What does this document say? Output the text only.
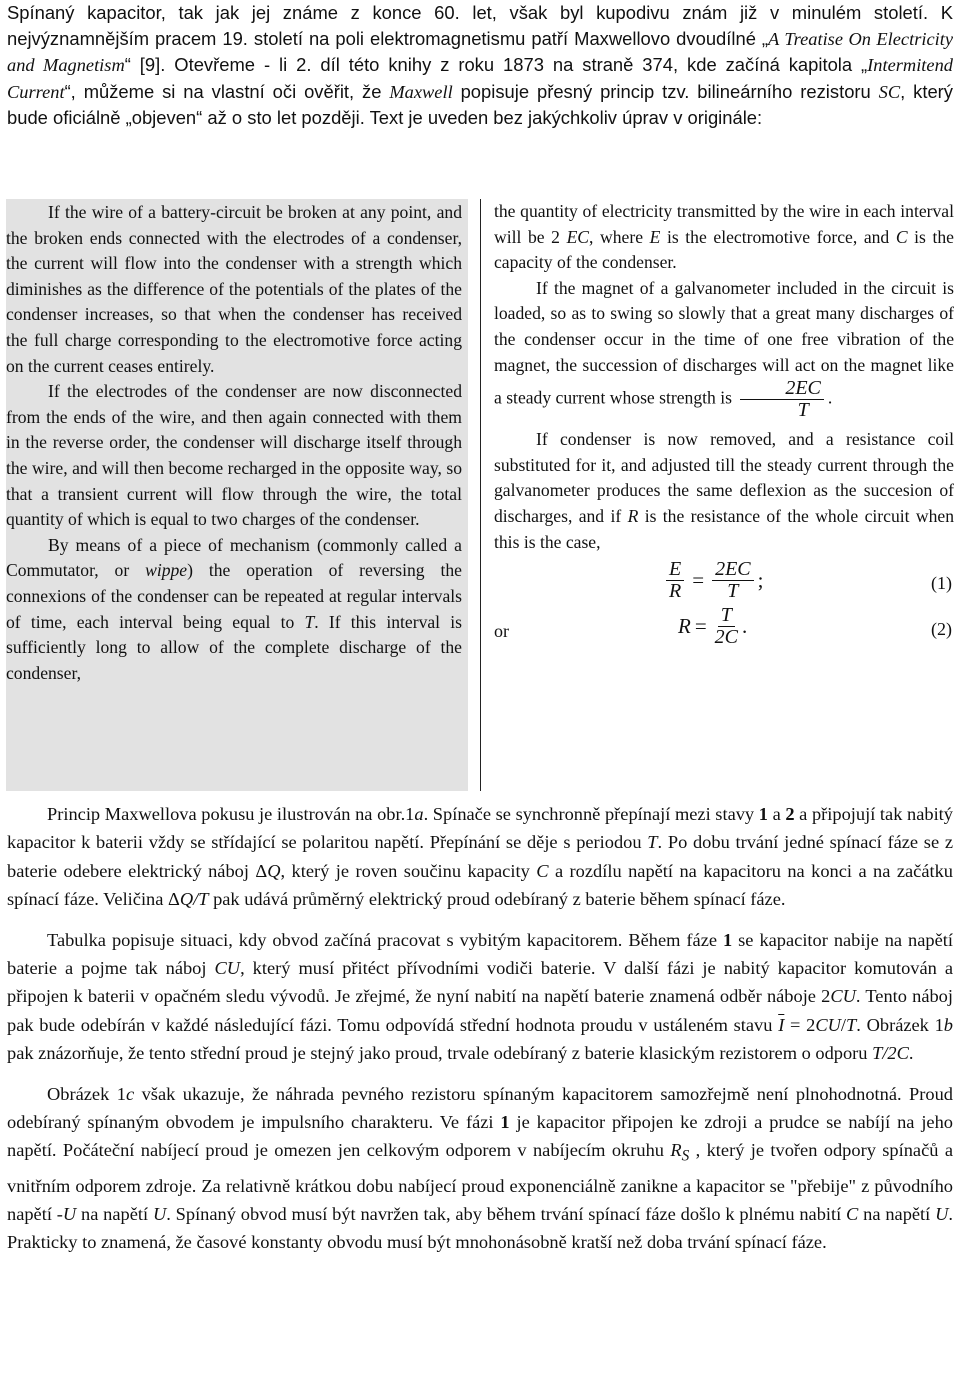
Spínaný kapacitor, tak jak jej známe z konce 60. let, však byl kupodivu znám již v minulém století. K nejvýznamnějším pracem 19. století na poli elektromagnetismu patří Maxwellovo dvoudílné „A Treatise On Electricity and Magnetism“ [9]. Otevřeme - li 2. díl této knihy z roku 1873 na straně 374, kde začíná kapitola „Intermitend Current“, můžeme si na vlastní oči ověřit, že Maxwell popisuje přesný princip tzv. bilineárního rezistoru SC, který bude oficiálně „objeven“ až o sto let později. Text je uveden bez jakýchkoliv úprav v originále:

If the wire of a battery-circuit be broken at any point, and the broken ends connected with the electrodes of a condenser, the current will flow into the condenser with a strength which diminishes as the difference of the potentials of the plates of the condenser increases, so that when the condenser has received the full charge corresponding to the electromotive force acting on the current ceases entirely.

If the electrodes of the condenser are now disconnected from the ends of the wire, and then again connected with them in the reverse order, the condenser will discharge itself through the wire, and will then become recharged in the opposite way, so that a transient current will flow through the wire, the total quantity of which is equal to two charges of the condenser.

By means of a piece of mechanism (commonly called a Commutator, or wippe) the operation of reversing the connexions of the condenser can be repeated at regular intervals of time, each interval being equal to T. If this interval is sufficiently long to allow of the complete discharge of the condenser,

the quantity of electricity transmitted by the wire in each interval will be 2 EC, where E is the electromotive force, and C is the capacity of the condenser.

If the magnet of a galvanometer included in the circuit is loaded, so as to swing so slowly that a great many discharges of the condenser occur in the time of one free vibration of the magnet, the succession of discharges will act on the magnet like a steady current whose strength is $\frac{2EC}{T}$ .

If condenser is now removed, and a resistance coil substituted for it, and adjusted till the steady current through the galvanometer produces the same deflexion as the succesion of discharges, and if R is the resistance of the whole circuit when this is the case,

$\frac{E}{R} = \frac{2EC}{T}$ ;	(1)
or	$R = \frac{T}{2C}$ .	(2)

Princip Maxwellova pokusu je ilustrován na obr.1a. Spínače se synchronně přepínají mezi stavy 1 a 2 a připojují tak nabitý kapacitor k baterii vždy se střídající se polaritou napětí. Přepínání se děje s periodou T. Po dobu trvání jedné spínací fáze se z baterie odebere elektrický náboj ΔQ, který je roven součinu kapacity C a rozdílu napětí na kapacitoru na konci a na začátku spínací fáze. Veličina ΔQ/T pak udává průměrný elektrický proud odebíraný z baterie během spínací fáze.

Tabulka popisuje situaci, kdy obvod začíná pracovat s vybitým kapacitorem. Během fáze 1 se kapacitor nabije na napětí baterie a pojme tak náboj CU, který musí přitéct přívodními vodiči baterie. V další fázi je nabitý kapacitor komutován a připojen k baterii v opačném sledu vývodů. Je zřejmé, že nyní nabití na napětí baterie znamená odběr náboje 2CU. Tento náboj pak bude odebírán v každé následující fázi. Tomu odpovídá střední hodnota proudu v ustáleném stavu $\overline{I} = 2CU/T$. Obrázek 1b pak znázorňuje, že tento střední proud je stejný jako proud, trvale odebíraný z baterie klasickým rezistorem o odporu T/2C.

Obrázek 1c však ukazuje, že náhrada pevného rezistoru spínaným kapacitorem samozřejmě není plnohodnotná. Proud odebíraný spínaným obvodem je impulsního charakteru. Ve fázi 1 je kapacitor připojen ke zdroji a prudce se nabíjí na jeho napětí. Počáteční nabíjecí proud je omezen jen celkovým odporem v nabíjecím okruhu $R_S$ , který je tvořen odpory spínačů a vnitřním odporem zdroje. Za relativně krátkou dobu nabíjecí proud exponenciálně zanikne a kapacitor se "přebije" z původního napětí -U na napětí U. Spínaný obvod musí být navržen tak, aby během trvání spínací fáze došlo k plnému nabití C na napětí U. Prakticky to znamená, že časové konstanty obvodu musí být mnohonásobně kratší než doba trvání spínací fáze.
